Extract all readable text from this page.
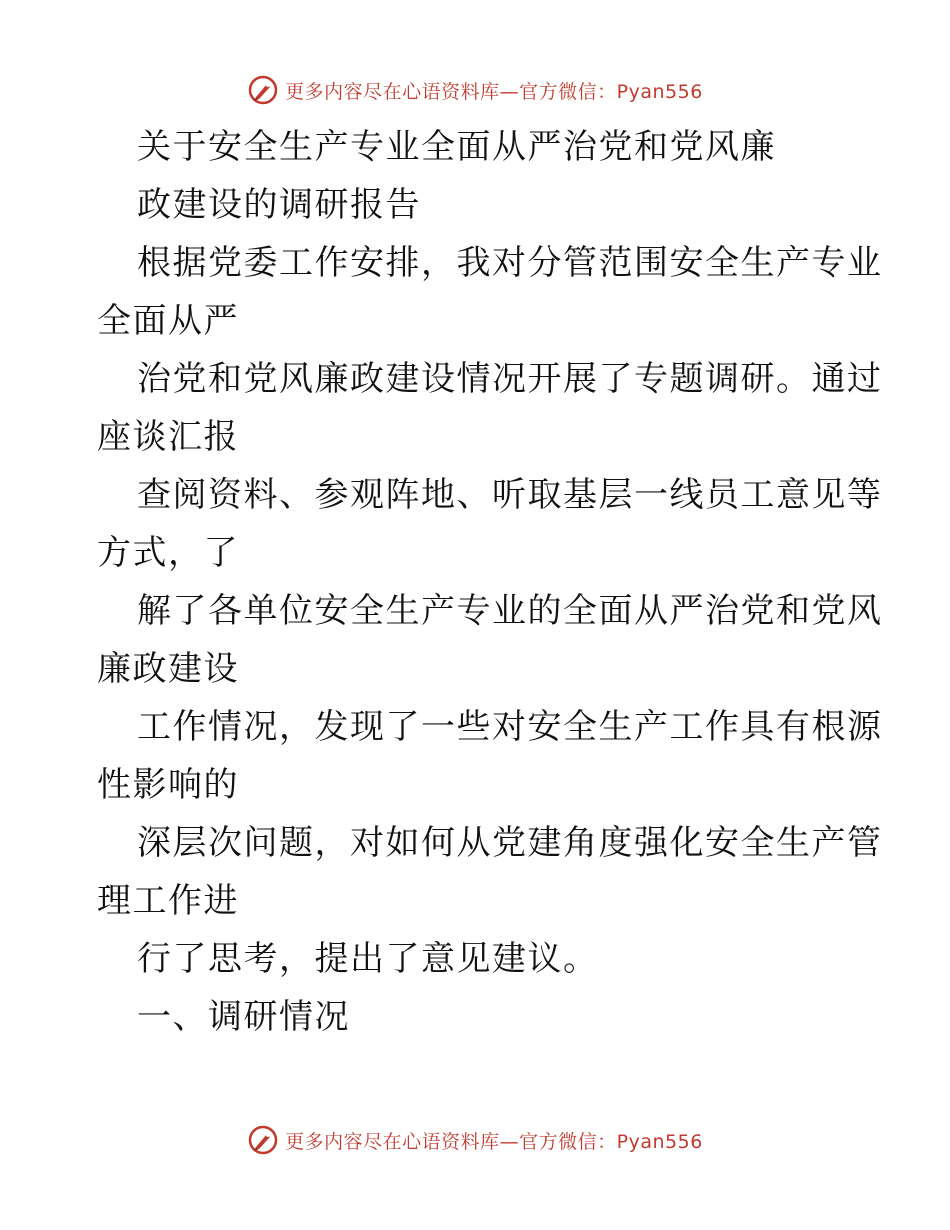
更多内容尽在心语资料库—官方微信：Pyan556
关于安全生产专业全面从严治党和党风廉
政建设的调研报告
根据党委工作安排，我对分管范围安全生产专业
全面从严
治党和党风廉政建设情况开展了专题调研。通过
座谈汇报
查阅资料、参观阵地、听取基层一线员工意见等
方式，了
解了各单位安全生产专业的全面从严治党和党风
廉政建设
工作情况，发现了一些对安全生产工作具有根源
性影响的
深层次问题，对如何从党建角度强化安全生产管
理工作进
行了思考，提出了意见建议。
一、调研情况
更多内容尽在心语资料库—官方微信：Pyan556
